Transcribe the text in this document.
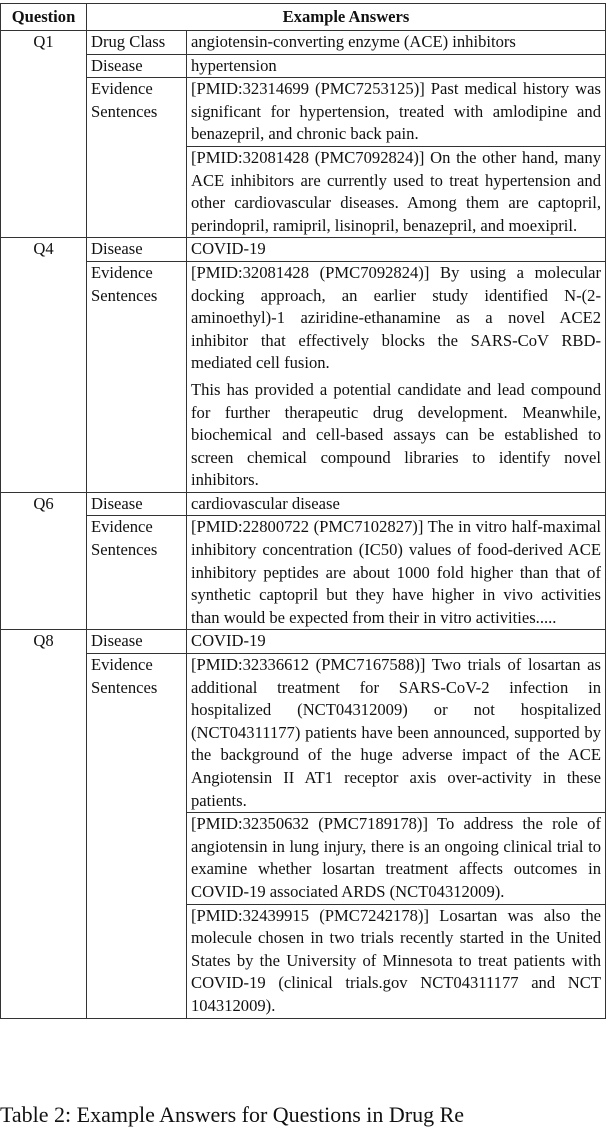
Question	Example Answers	
Q1	Drug Class	angiotensin-converting enzyme (ACE) inhibitors
	Disease	hypertension
	Evidence Sentences	[PMID:32314699 (PMC7253125)] Past medical history was significant for hypertension, treated with amlodipine and benazepril, and chronic back pain.
		[PMID:32081428 (PMC7092824)] On the other hand, many ACE inhibitors are currently used to treat hypertension and other cardiovascular diseases. Among them are captopril, perindopril, ramipril, lisinopril, benazepril, and moexipril.
Q4	Disease	COVID-19
	Evidence Sentences	[PMID:32081428 (PMC7092824)] By using a molecular docking approach, an earlier study identified N-(2-aminoethyl)-1 aziridine-ethanamine as a novel ACE2 inhibitor that effectively blocks the SARS-CoV RBD-mediated cell fusion.
This has provided a potential candidate and lead compound for further therapeutic drug development. Meanwhile, biochemical and cell-based assays can be established to screen chemical compound libraries to identify novel inhibitors.

Q6	Disease	cardiovascular disease
	Evidence Sentences	[PMID:22800722 (PMC7102827)] The in vitro half-maximal inhibitory concentration (IC50) values of food-derived ACE inhibitory peptides are about 1000 fold higher than that of synthetic captopril but they have higher in vivo activities than would be expected from their in vitro activities.....
Q8	Disease	COVID-19
	Evidence Sentences	[PMID:32336612 (PMC7167588)] Two trials of losartan as additional treatment for SARS-CoV-2 infection in hospitalized (NCT04312009) or not hospitalized (NCT04311177) patients have been announced, supported by the background of the huge adverse impact of the ACE Angiotensin II AT1 receptor axis over-activity in these patients.
		[PMID:32350632 (PMC7189178)] To address the role of angiotensin in lung injury, there is an ongoing clinical trial to examine whether losartan treatment affects outcomes in COVID-19 associated ARDS (NCT04312009).
		[PMID:32439915 (PMC7242178)] Losartan was also the molecule chosen in two trials recently started in the United States by the University of Minnesota to treat patients with COVID-19 (clinical trials.gov NCT04311177 and NCT 104312009).
Table 2: Example Answers for Questions in Drug Re
